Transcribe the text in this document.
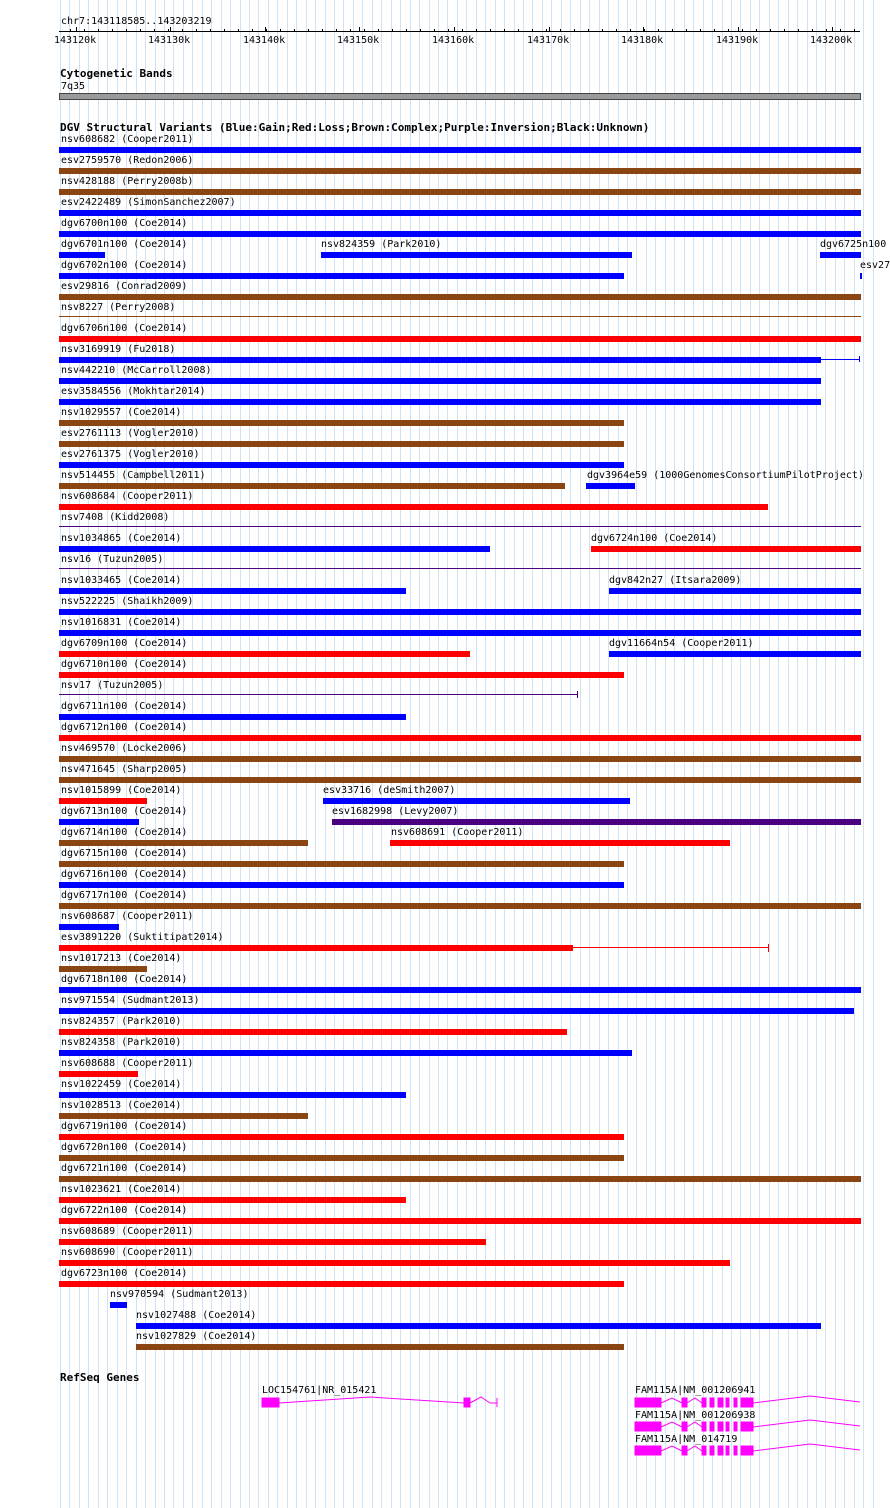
chr7:143118585..143203219
143120k	143130k	143140k	143150k	143160k	143170k	143180k	143190k	143200k
Cytogenetic Bands
7q35
DGV Structural Variants (Blue:Gain;Red:Loss;Brown:Complex;Purple:Inversion;Black:Unknown)
nsv608682 (Cooper2011)
esv2759570 (Redon2006)
nsv428188 (Perry2008b)
esv2422489 (SimonSanchez2007)
dgv6700n100 (Coe2014)
dgv6701n100 (Coe2014)	nsv824359 (Park2010)	dgv6725n100
dgv6702n100 (Coe2014)	esv27
esv29816 (Conrad2009)
nsv8227 (Perry2008)
dgv6706n100 (Coe2014)
nsv3169919 (Fu2018)
nsv442210 (McCarroll2008)
esv3584556 (Mokhtar2014)
nsv1029557 (Coe2014)
esv2761113 (Vogler2010)
esv2761375 (Vogler2010)
nsv514455 (Campbell2011)	dgv3964e59 (1000GenomesConsortiumPilotProject)
nsv608684 (Cooper2011)
nsv7408 (Kidd2008)
nsv1034865 (Coe2014)	dgv6724n100 (Coe2014)
nsv16 (Tuzun2005)
nsv1033465 (Coe2014)	dgv842n27 (Itsara2009)
nsv522225 (Shaikh2009)
nsv1016831 (Coe2014)
dgv6709n100 (Coe2014)	dgv11664n54 (Cooper2011)
dgv6710n100 (Coe2014)
nsv17 (Tuzun2005)
dgv6711n100 (Coe2014)
dgv6712n100 (Coe2014)
nsv469570 (Locke2006)
nsv471645 (Sharp2005)
nsv1015899 (Coe2014)	esv33716 (deSmith2007)
dgv6713n100 (Coe2014)	esv1682998 (Levy2007)
dgv6714n100 (Coe2014)	nsv608691 (Cooper2011)
dgv6715n100 (Coe2014)
dgv6716n100 (Coe2014)
dgv6717n100 (Coe2014)
nsv608687 (Cooper2011)
esv3891220 (Suktitipat2014)
nsv1017213 (Coe2014)
dgv6718n100 (Coe2014)
nsv971554 (Sudmant2013)
nsv824357 (Park2010)
nsv824358 (Park2010)
nsv608688 (Cooper2011)
nsv1022459 (Coe2014)
nsv1028513 (Coe2014)
dgv6719n100 (Coe2014)
dgv6720n100 (Coe2014)
dgv6721n100 (Coe2014)
nsv1023621 (Coe2014)
dgv6722n100 (Coe2014)
nsv608689 (Cooper2011)
nsv608690 (Cooper2011)
dgv6723n100 (Coe2014)
nsv970594 (Sudmant2013)
nsv1027488 (Coe2014)
nsv1027829 (Coe2014)
RefSeq Genes
LOC154761|NR_015421	FAM115A|NM_001206941
FAM115A|NM_001206938
FAM115A|NM_014719
